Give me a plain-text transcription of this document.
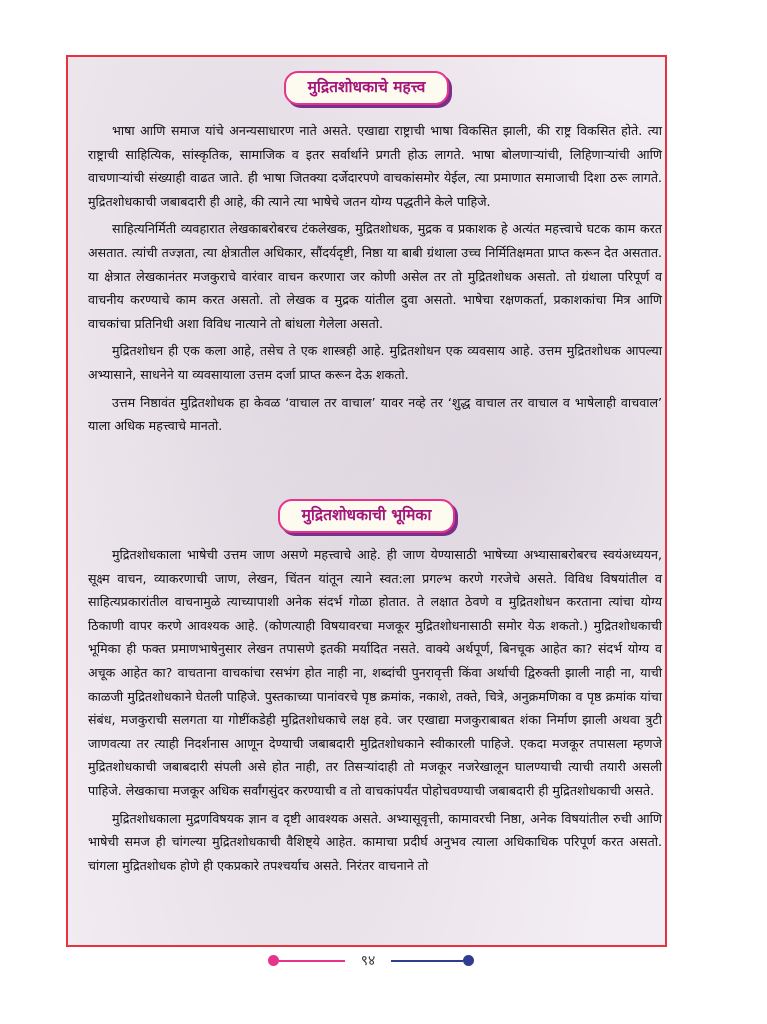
मुद्रितशोधकाचे महत्त्व

भाषा आणि समाज यांचे अनन्यसाधारण नाते असते. एखाद्या राष्ट्राची भाषा विकसित झाली, की राष्ट्र विकसित होते. त्या राष्ट्राची साहित्यिक, सांस्कृतिक, सामाजिक व इतर सर्वार्थाने प्रगती होऊ लागते. भाषा बोलणाऱ्यांची, लिहिणाऱ्यांची आणि वाचणाऱ्यांची संख्याही वाढत जाते. ही भाषा जितक्या दर्जेदारपणे वाचकांसमोर येईल, त्या प्रमाणात समाजाची दिशा ठरू लागते. मुद्रितशोधकाची जबाबदारी ही आहे, की त्याने त्या भाषेचे जतन योग्य पद्धतीने केले पाहिजे.

साहित्यनिर्मिती व्यवहारात लेखकाबरोबरच टंकलेखक, मुद्रितशोधक, मुद्रक व प्रकाशक हे अत्यंत महत्त्वाचे घटक काम करत असतात. त्यांची तज्ज्ञता, त्या क्षेत्रातील अधिकार, सौंदर्यदृष्टी, निष्ठा या बाबी ग्रंथाला उच्च निर्मितिक्षमता प्राप्त करून देत असतात. या क्षेत्रात लेखकानंतर मजकुराचे वारंवार वाचन करणारा जर कोणी असेल तर तो मुद्रितशोधक असतो. तो ग्रंथाला परिपूर्ण व वाचनीय करण्याचे काम करत असतो. तो लेखक व मुद्रक यांतील दुवा असतो. भाषेचा रक्षणकर्ता, प्रकाशकांचा मित्र आणि वाचकांचा प्रतिनिधी अशा विविध नात्याने तो बांधला गेलेला असतो.

मुद्रितशोधन ही एक कला आहे, तसेच ते एक शास्त्रही आहे. मुद्रितशोधन एक व्यवसाय आहे. उत्तम मुद्रितशोधक आपल्या अभ्यासाने, साधनेने या व्यवसायाला उत्तम दर्जा प्राप्त करून देऊ शकतो.

उत्तम निष्ठावंत मुद्रितशोधक हा केवळ ‘वाचाल तर वाचाल’ यावर नव्हे तर ‘शुद्ध वाचाल तर वाचाल व भाषेलाही वाचवाल’ याला अधिक महत्त्वाचे मानतो.

मुद्रितशोधकाची भूमिका

मुद्रितशोधकाला भाषेची उत्तम जाण असणे महत्त्वाचे आहे. ही जाण येण्यासाठी भाषेच्या अभ्यासाबरोबरच स्वयंअध्ययन, सूक्ष्म वाचन, व्याकरणाची जाण, लेखन, चिंतन यांतून त्याने स्वत:ला प्रगल्भ करणे गरजेचे असते. विविध विषयांतील व साहित्यप्रकारांतील वाचनामुळे त्याच्यापाशी अनेक संदर्भ गोळा होतात. ते लक्षात ठेवणे व मुद्रितशोधन करताना त्यांचा योग्य ठिकाणी वापर करणे आवश्यक आहे. (कोणत्याही विषयावरचा मजकूर मुद्रितशोधनासाठी समोर येऊ शकतो.) मुद्रितशोधकाची भूमिका ही फक्त प्रमाणभाषेनुसार लेखन तपासणे इतकी मर्यादित नसते. वाक्ये अर्थपूर्ण, बिनचूक आहेत का? संदर्भ योग्य व अचूक आहेत का? वाचताना वाचकांचा रसभंग होत नाही ना, शब्दांची पुनरावृत्ती किंवा अर्थाची द्विरुक्ती झाली नाही ना, याची काळजी मुद्रितशोधकाने घेतली पाहिजे. पुस्तकाच्या पानांवरचे पृष्ठ क्रमांक, नकाशे, तक्ते, चित्रे, अनुक्रमणिका व पृष्ठ क्रमांक यांचा संबंध, मजकुराची सलगता या गोष्टींकडेही मुद्रितशोधकाचे लक्ष हवे. जर एखाद्या मजकुराबाबत शंका निर्माण झाली अथवा त्रुटी जाणवत्या तर त्याही निदर्शनास आणून देण्याची जबाबदारी मुद्रितशोधकाने स्वीकारली पाहिजे. एकदा मजकूर तपासला म्हणजे मुद्रितशोधकाची जबाबदारी संपली असे होत नाही, तर तिसऱ्यांदाही तो मजकूर नजरेखालून घालण्याची त्याची तयारी असली पाहिजे. लेखकाचा मजकूर अधिक सर्वांगसुंदर करण्याची व तो वाचकांपर्यंत पोहोचवण्याची जबाबदारी ही मुद्रितशोधकाची असते.

मुद्रितशोधकाला मुद्रणविषयक ज्ञान व दृष्टी आवश्यक असते. अभ्यासूवृत्ती, कामावरची निष्ठा, अनेक विषयांतील रुची आणि भाषेची समज ही चांगल्या मुद्रितशोधकाची वैशिष्ट्ये आहेत. कामाचा प्रदीर्घ अनुभव त्याला अधिकाधिक परिपूर्ण करत असतो. चांगला मुद्रितशोधक होणे ही एकप्रकारे तपश्चर्याच असते. निरंतर वाचनाने तो

९४
